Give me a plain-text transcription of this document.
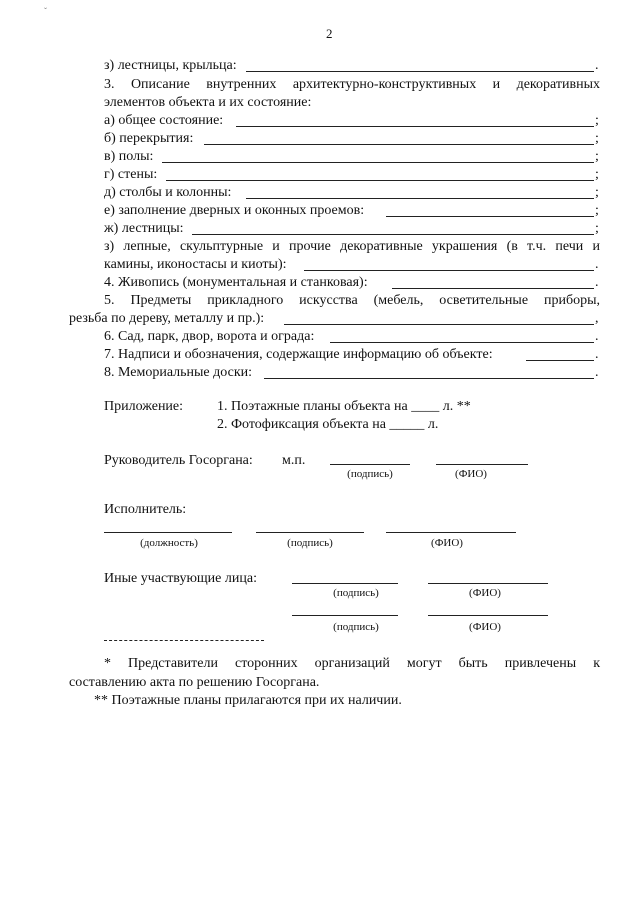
ˇ
2
з) лестницы, крыльца:	.
3. Описание внутренних архитектурно-конструктивных и декоративных
элементов объекта и их состояние:
а) общее состояние:	;
б) перекрытия:	;
в) полы:	;
г) стены:	;
д) столбы и колонны:	;
е) заполнение дверных и оконных проемов:	;
ж) лестницы:	;
з) лепные, скульптурные и прочие декоративные украшения (в т.ч. печи и
камины, иконостасы и киоты):	.
4. Живопись (монументальная и станковая):	.
5. Предметы прикладного искусства (мебель, осветительные приборы,
резьба по дереву, металлу и пр.):	,
6. Сад, парк, двор, ворота и ограда:	.
7. Надписи и обозначения, содержащие информацию об объекте:	.
8. Мемориальные доски:	.
Приложение: 1. Поэтажные планы объекта на ____ л. **
2. Фотофиксация объекта на _____ л.
Руководитель Госоргана: м.п.
(подпись)	(ФИО)
Исполнитель:
(должность)	(подпись)	(ФИО)
Иные участвующие лица:
(подпись)	(ФИО)
(подпись)	(ФИО)
* Представители сторонних организаций могут быть привлечены к
составлению акта по решению Госоргана.
** Поэтажные планы прилагаются при их наличии.
